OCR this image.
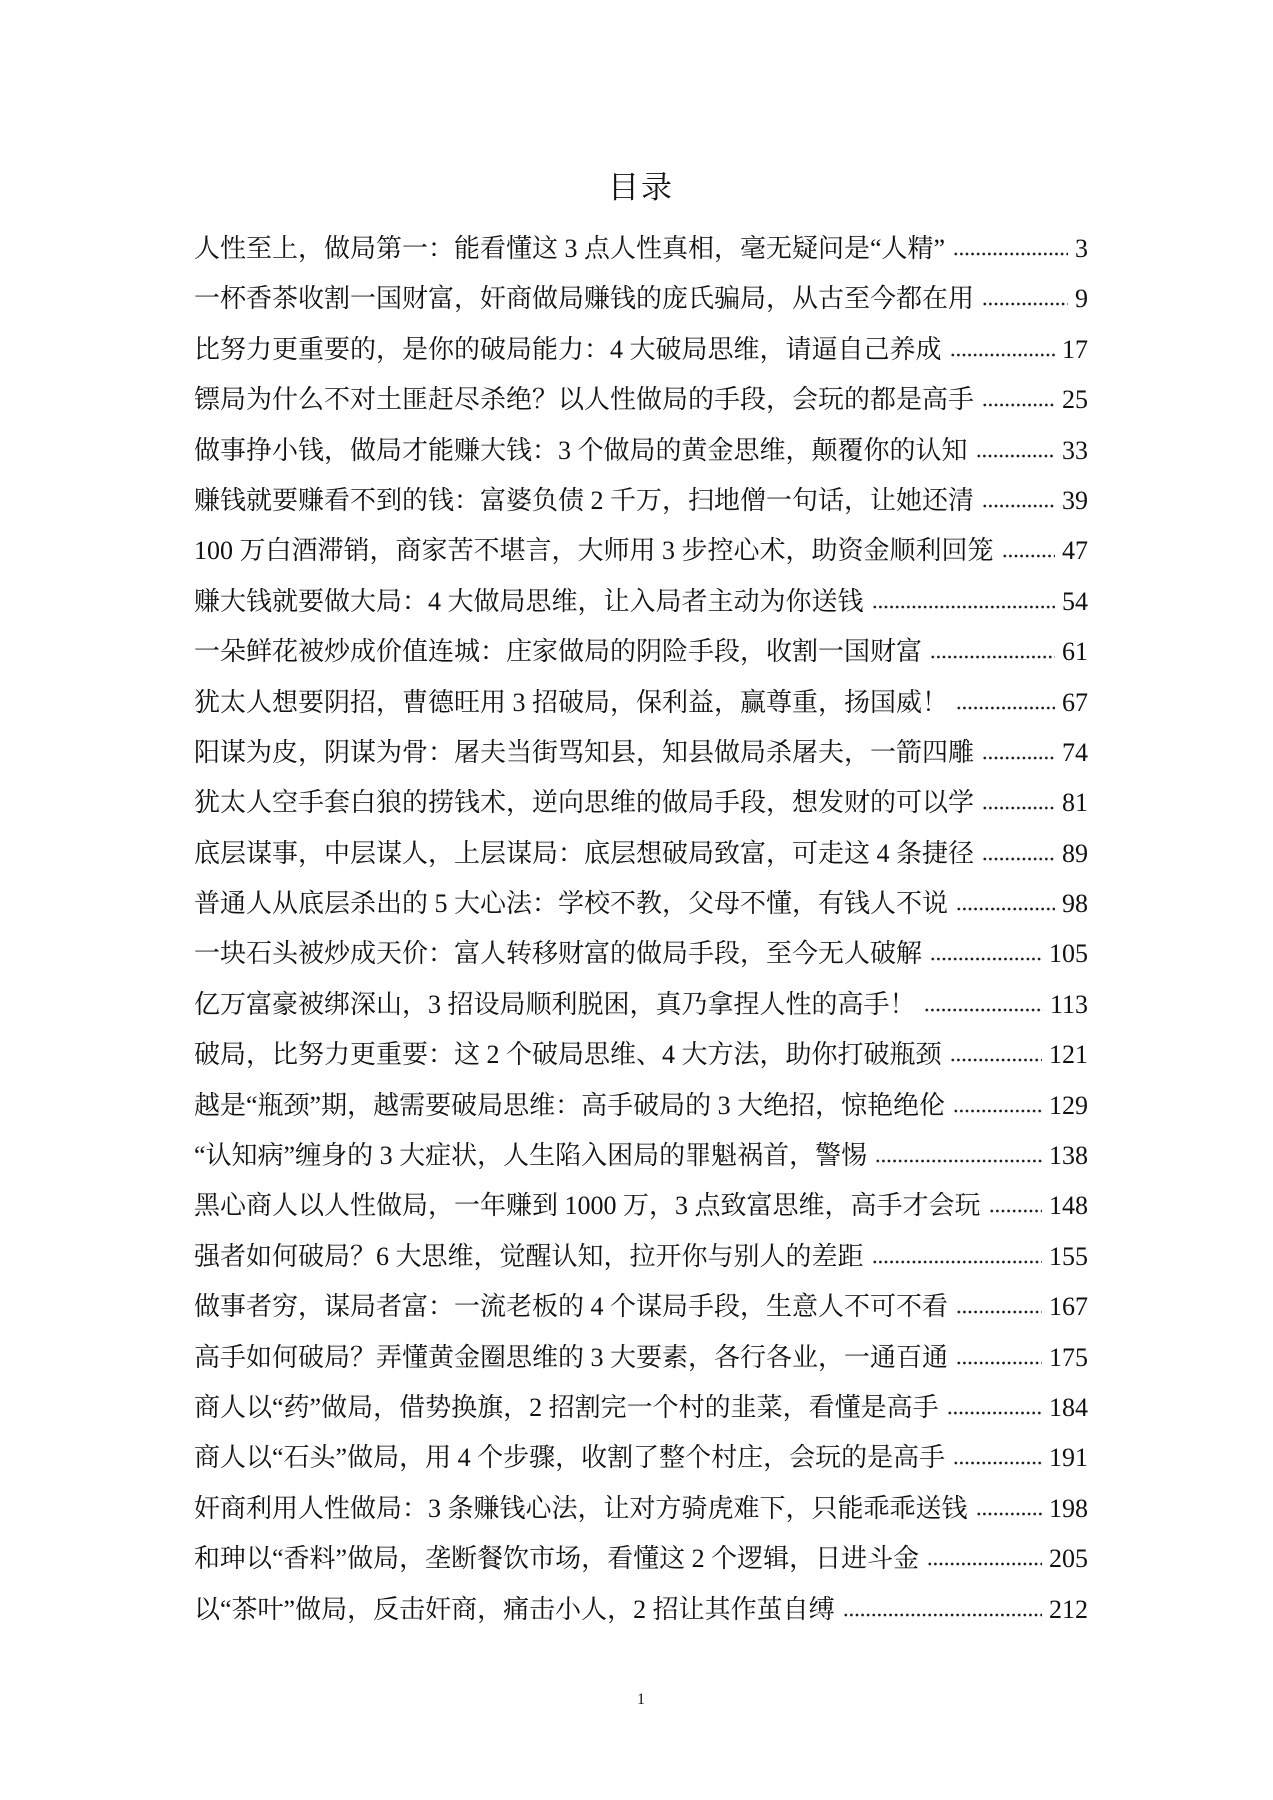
目录
人性至上，做局第一：能看懂这 3 点人性真相，毫无疑问是“人精”	3
一杯香茶收割一国财富，奸商做局赚钱的庞氏骗局，从古至今都在用	9
比努力更重要的，是你的破局能力：4 大破局思维，请逼自己养成	17
镖局为什么不对土匪赶尽杀绝？以人性做局的手段，会玩的都是高手	25
做事挣小钱，做局才能赚大钱：3 个做局的黄金思维，颠覆你的认知	33
赚钱就要赚看不到的钱：富婆负债 2 千万，扫地僧一句话，让她还清	39
100 万白酒滞销，商家苦不堪言，大师用 3 步控心术，助资金顺利回笼	47
赚大钱就要做大局：4 大做局思维，让入局者主动为你送钱	54
一朵鲜花被炒成价值连城：庄家做局的阴险手段，收割一国财富	61
犹太人想要阴招，曹德旺用 3 招破局，保利益，赢尊重，扬国威！	67
阳谋为皮，阴谋为骨：屠夫当街骂知县，知县做局杀屠夫，一箭四雕	74
犹太人空手套白狼的捞钱术，逆向思维的做局手段，想发财的可以学	81
底层谋事，中层谋人，上层谋局：底层想破局致富，可走这 4 条捷径	89
普通人从底层杀出的 5 大心法：学校不教，父母不懂，有钱人不说	98
一块石头被炒成天价：富人转移财富的做局手段，至今无人破解	105
亿万富豪被绑深山，3 招设局顺利脱困，真乃拿捏人性的高手！	113
破局，比努力更重要：这 2 个破局思维、4 大方法，助你打破瓶颈	121
越是“瓶颈”期，越需要破局思维：高手破局的 3 大绝招，惊艳绝伦	129
“认知病”缠身的 3 大症状，人生陷入困局的罪魁祸首，警惕	138
黑心商人以人性做局，一年赚到 1000 万，3 点致富思维，高手才会玩	148
强者如何破局？6 大思维，觉醒认知，拉开你与别人的差距	155
做事者穷，谋局者富：一流老板的 4 个谋局手段，生意人不可不看	167
高手如何破局？弄懂黄金圈思维的 3 大要素，各行各业，一通百通	175
商人以“药”做局，借势换旗，2 招割完一个村的韭菜，看懂是高手	184
商人以“石头”做局，用 4 个步骤，收割了整个村庄，会玩的是高手	191
奸商利用人性做局：3 条赚钱心法，让对方骑虎难下，只能乖乖送钱	198
和珅以“香料”做局，垄断餐饮市场，看懂这 2 个逻辑，日进斗金	205
以“茶叶”做局，反击奸商，痛击小人，2 招让其作茧自缚	212
1
